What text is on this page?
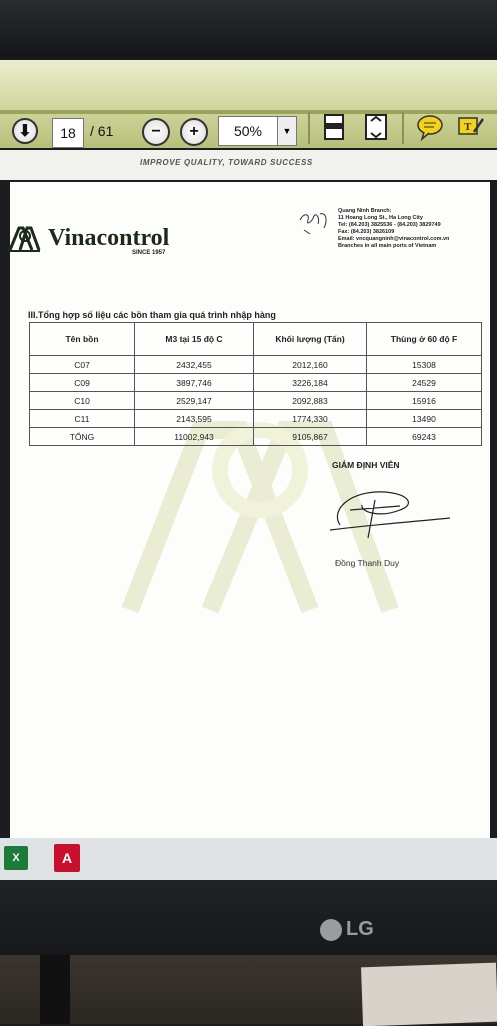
⬇	18	/ 61 − +	50%	▼	T
IMPROVE QUALITY, TOWARD SUCCESS
Vinacontrol
SINCE 1957
Quang Ninh Branch:
11 Hoang Long St., Ha Long City
Tel: (84.203) 3825536 - (84.203) 3829749
Fax: (84.203) 3826109
Email: vncquangninh@vinacontrol.com.vn
Branches in all main ports of Vietnam
III.Tổng hợp số liệu các bồn tham gia quá trình nhập hàng
Tên bồn	M3 tại 15 độ C	Khối lượng (Tấn)	Thùng ở 60 độ F
C07	2432,455	2012,160	15308
C09	3897,746	3226,184	24529
C10	2529,147	2092,883	15916
C11	2143,595	1774,330	13490
TỔNG	11002,943	9105,867	69243
GIÁM ĐỊNH VIÊN
Đồng Thanh Duy
X	A
LG
